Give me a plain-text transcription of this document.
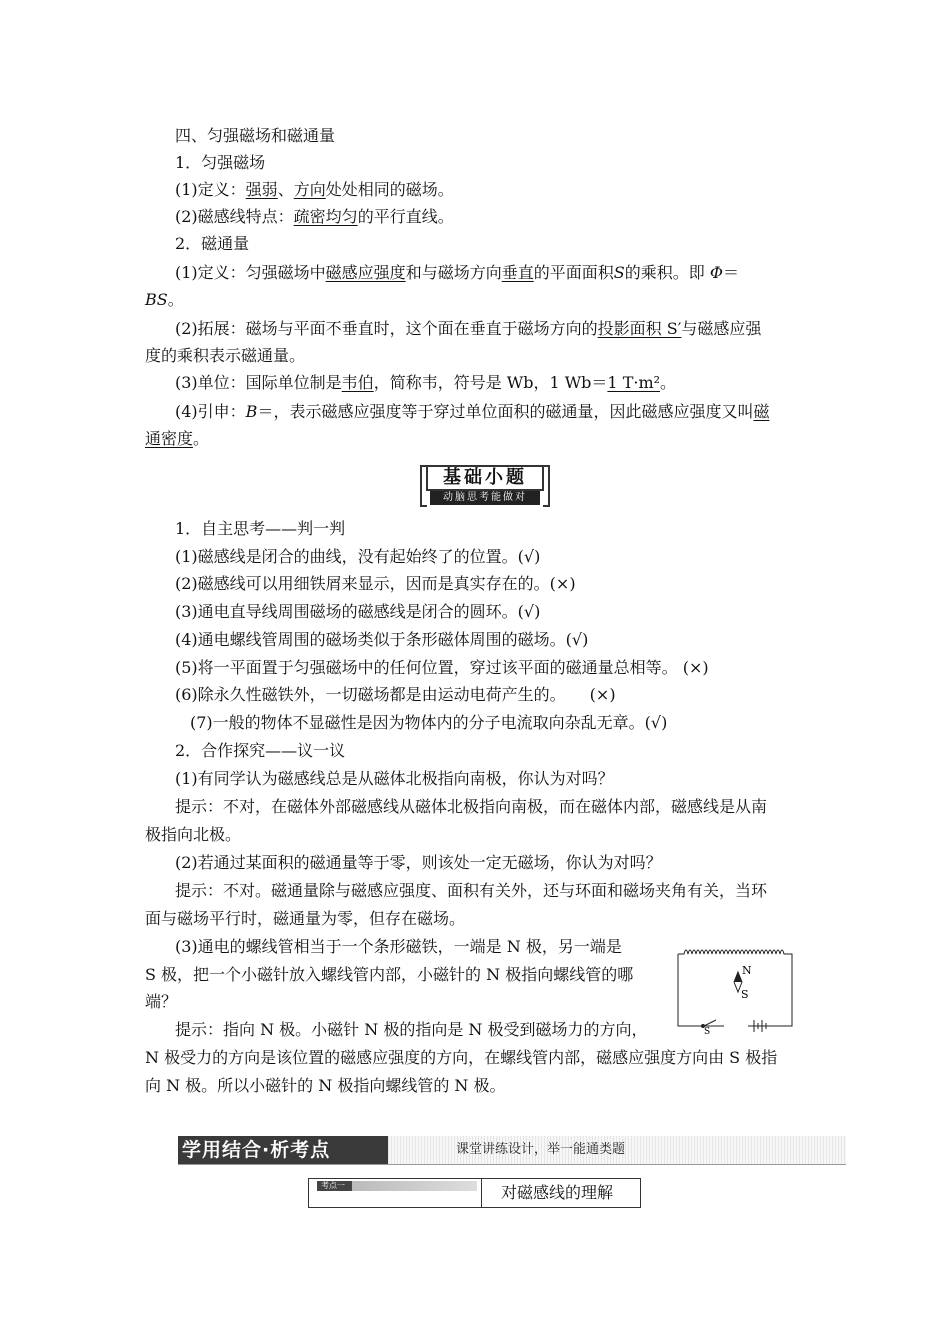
四、匀强磁场和磁通量
1．匀强磁场
(1)定义：强弱、方向处处相同的磁场。
(2)磁感线特点：疏密均匀的平行直线。
2．磁通量
(1)定义：匀强磁场中磁感应强度和与磁场方向垂直的平面面积S的乘积。即 Φ＝
BS。
(2)拓展：磁场与平面不垂直时，这个面在垂直于磁场方向的投影面积 S′与磁感应强
度的乘积表示磁通量。
(3)单位：国际单位制是韦伯，简称韦，符号是 Wb，1 Wb＝1 T·m²。
(4)引申：B＝，表示磁感应强度等于穿过单位面积的磁通量，因此磁感应强度又叫磁
通密度。
基础小题
动脑思考能做对
1．自主思考——判一判
(1)磁感线是闭合的曲线，没有起始终了的位置。(√)
(2)磁感线可以用细铁屑来显示，因而是真实存在的。(×)
(3)通电直导线周围磁场的磁感线是闭合的圆环。(√)
(4)通电螺线管周围的磁场类似于条形磁体周围的磁场。(√)
(5)将一平面置于匀强磁场中的任何位置，穿过该平面的磁通量总相等。 (×)
(6)除永久性磁铁外，一切磁场都是由运动电荷产生的。　　(×)
(7)一般的物体不显磁性是因为物体内的分子电流取向杂乱无章。(√)
2．合作探究——议一议
(1)有同学认为磁感线总是从磁体北极指向南极，你认为对吗？
提示：不对，在磁体外部磁感线从磁体北极指向南极，而在磁体内部，磁感线是从南
极指向北极。
(2)若通过某面积的磁通量等于零，则该处一定无磁场，你认为对吗？
提示：不对。磁通量除与磁感应强度、面积有关外，还与环面和磁场夹角有关，当环
面与磁场平行时，磁通量为零，但存在磁场。
(3)通电的螺线管相当于一个条形磁铁，一端是 N 极，另一端是
S 极，把一个小磁针放入螺线管内部，小磁针的 N 极指向螺线管的哪
端？
提示：指向 N 极。小磁针 N 极的指向是 N 极受到磁场力的方向，
N 极受力的方向是该位置的磁感应强度的方向，在螺线管内部，磁感应强度方向由 S 极指
向 N 极。所以小磁针的 N 极指向螺线管的 N 极。
N
S
S
学用结合·析考点	课堂讲练设计，举一能通类题
考点一	对磁感线的理解
